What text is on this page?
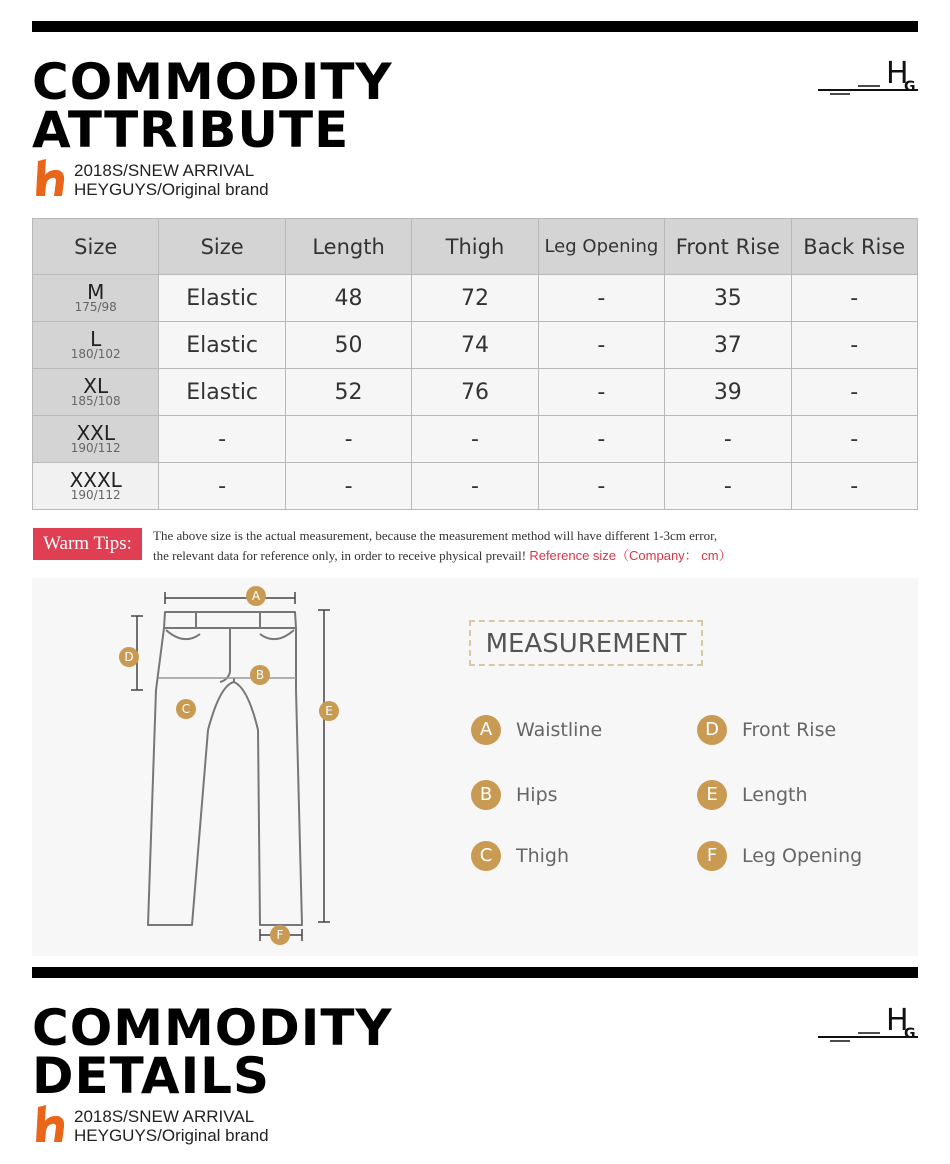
COMMODITY
ATTRIBUTE
2018S/SNEW ARRIVAL
HEYGUYS/Original brand
H
G
Size	Size	Length	Thigh	Leg Opening	Front Rise	Back Rise

M
175/98	Elastic	48	72	-	35	-

L
180/102	Elastic	50	74	-	37	-

XL
185/108	Elastic	52	76	-	39	-

XXL
190/112	-	-	-	-	-	-

XXXL
190/112	-	-	-	-	-	-
Warm Tips:	The above size is the actual measurement, because the measurement method will have different 1-3cm error,
the relevant data for reference only, in order to receive physical prevail! Reference size（Company： cm）
A
B
C
D
E
F
MEASUREMENT
A	Waistline
B	Hips
C	Thigh
D	Front Rise
E	Length
F	Leg Opening
COMMODITY
DETAILS
2018S/SNEW ARRIVAL
HEYGUYS/Original brand
H
G
